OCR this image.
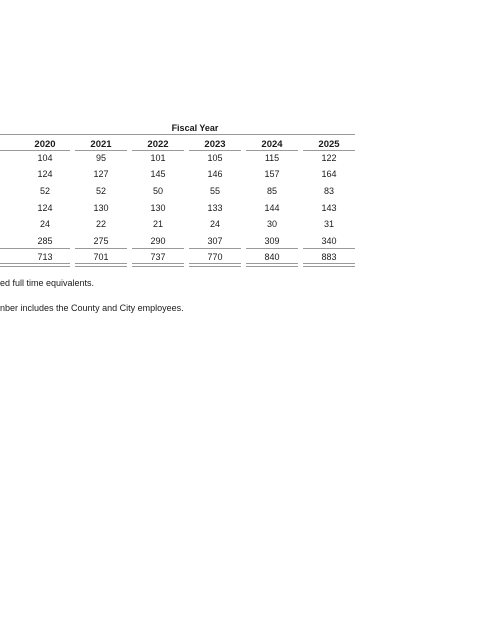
Fiscal Year
2020	2021	2022	2023	2024	2025
104	95	101	105	115	122
124	127	145	146	157	164
52	52	50	55	85	83
124	130	130	133	144	143
24	22	21	24	30	31
285	275	290	307	309	340
713	701	737	770	840	883
ed full time equivalents.
nber includes the County and City employees.
